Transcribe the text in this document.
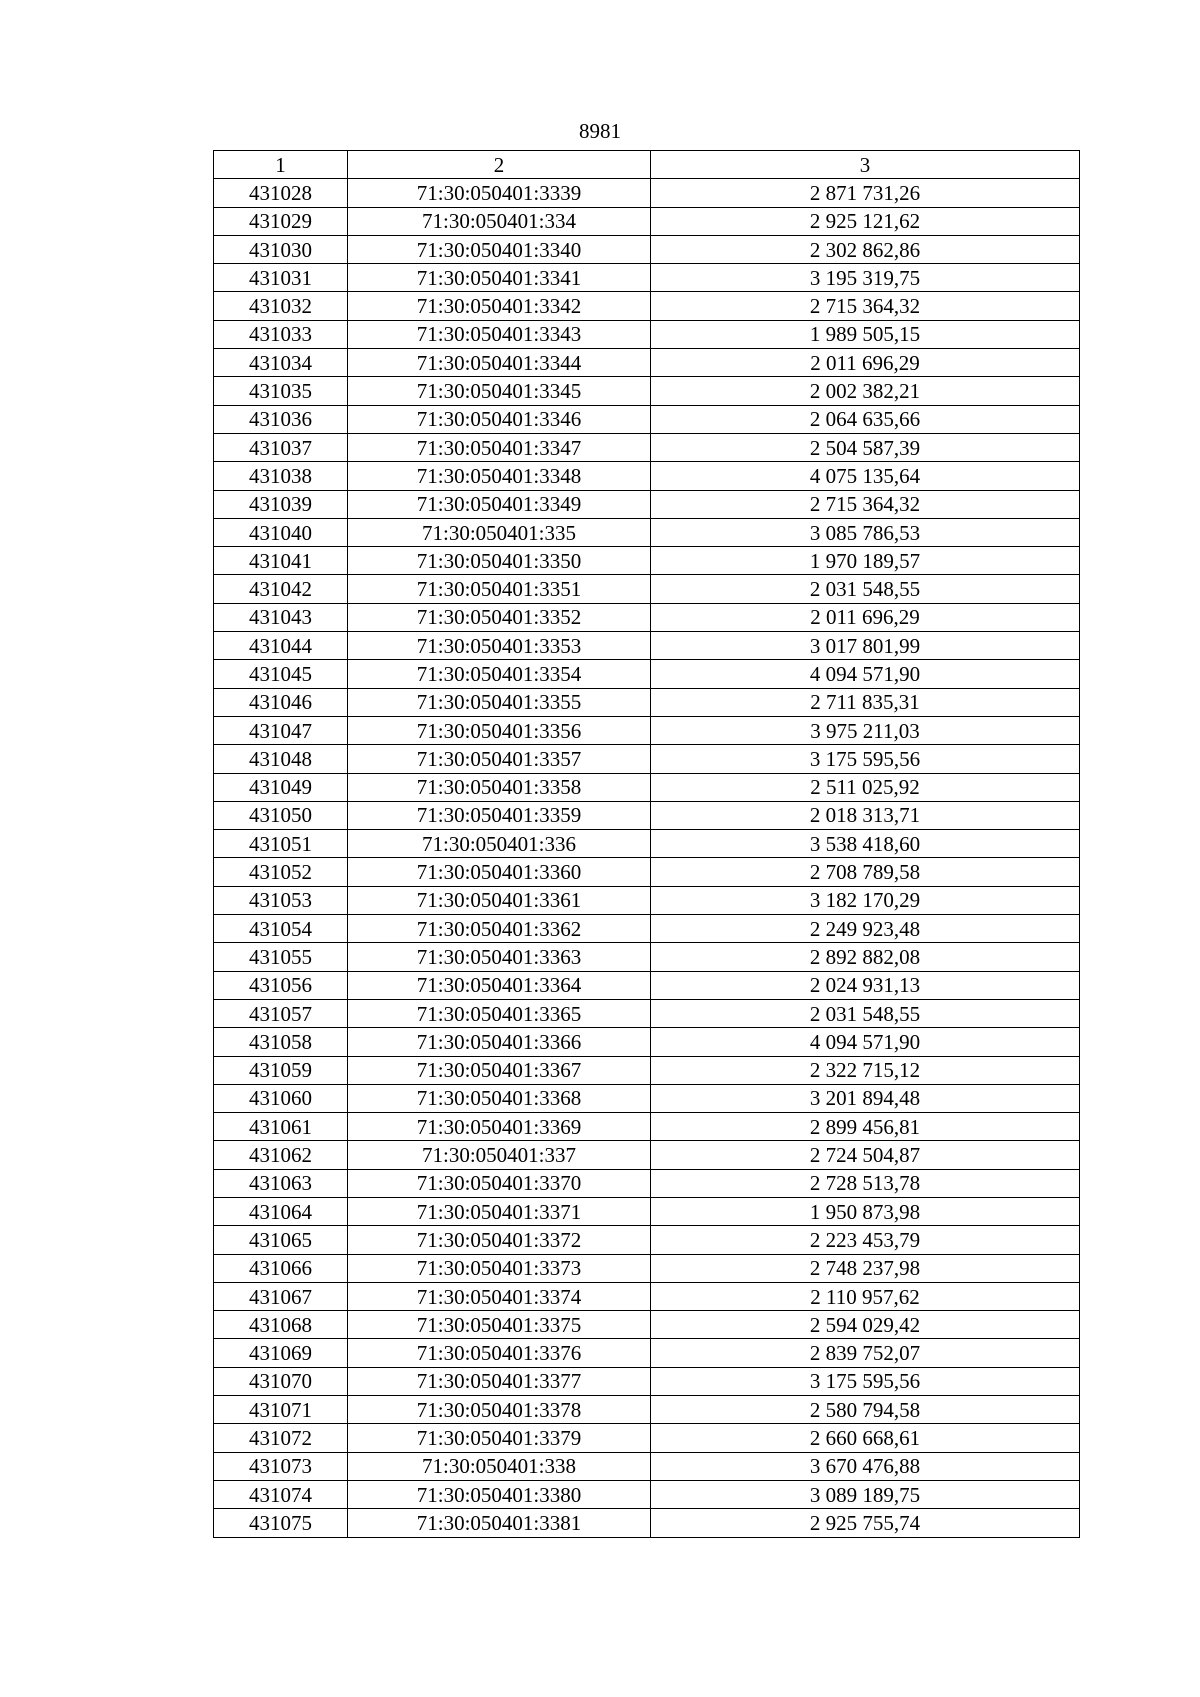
8981
1	2	3
431028	71:30:050401:3339	2 871 731,26
431029	71:30:050401:334	2 925 121,62
431030	71:30:050401:3340	2 302 862,86
431031	71:30:050401:3341	3 195 319,75
431032	71:30:050401:3342	2 715 364,32
431033	71:30:050401:3343	1 989 505,15
431034	71:30:050401:3344	2 011 696,29
431035	71:30:050401:3345	2 002 382,21
431036	71:30:050401:3346	2 064 635,66
431037	71:30:050401:3347	2 504 587,39
431038	71:30:050401:3348	4 075 135,64
431039	71:30:050401:3349	2 715 364,32
431040	71:30:050401:335	3 085 786,53
431041	71:30:050401:3350	1 970 189,57
431042	71:30:050401:3351	2 031 548,55
431043	71:30:050401:3352	2 011 696,29
431044	71:30:050401:3353	3 017 801,99
431045	71:30:050401:3354	4 094 571,90
431046	71:30:050401:3355	2 711 835,31
431047	71:30:050401:3356	3 975 211,03
431048	71:30:050401:3357	3 175 595,56
431049	71:30:050401:3358	2 511 025,92
431050	71:30:050401:3359	2 018 313,71
431051	71:30:050401:336	3 538 418,60
431052	71:30:050401:3360	2 708 789,58
431053	71:30:050401:3361	3 182 170,29
431054	71:30:050401:3362	2 249 923,48
431055	71:30:050401:3363	2 892 882,08
431056	71:30:050401:3364	2 024 931,13
431057	71:30:050401:3365	2 031 548,55
431058	71:30:050401:3366	4 094 571,90
431059	71:30:050401:3367	2 322 715,12
431060	71:30:050401:3368	3 201 894,48
431061	71:30:050401:3369	2 899 456,81
431062	71:30:050401:337	2 724 504,87
431063	71:30:050401:3370	2 728 513,78
431064	71:30:050401:3371	1 950 873,98
431065	71:30:050401:3372	2 223 453,79
431066	71:30:050401:3373	2 748 237,98
431067	71:30:050401:3374	2 110 957,62
431068	71:30:050401:3375	2 594 029,42
431069	71:30:050401:3376	2 839 752,07
431070	71:30:050401:3377	3 175 595,56
431071	71:30:050401:3378	2 580 794,58
431072	71:30:050401:3379	2 660 668,61
431073	71:30:050401:338	3 670 476,88
431074	71:30:050401:3380	3 089 189,75
431075	71:30:050401:3381	2 925 755,74
